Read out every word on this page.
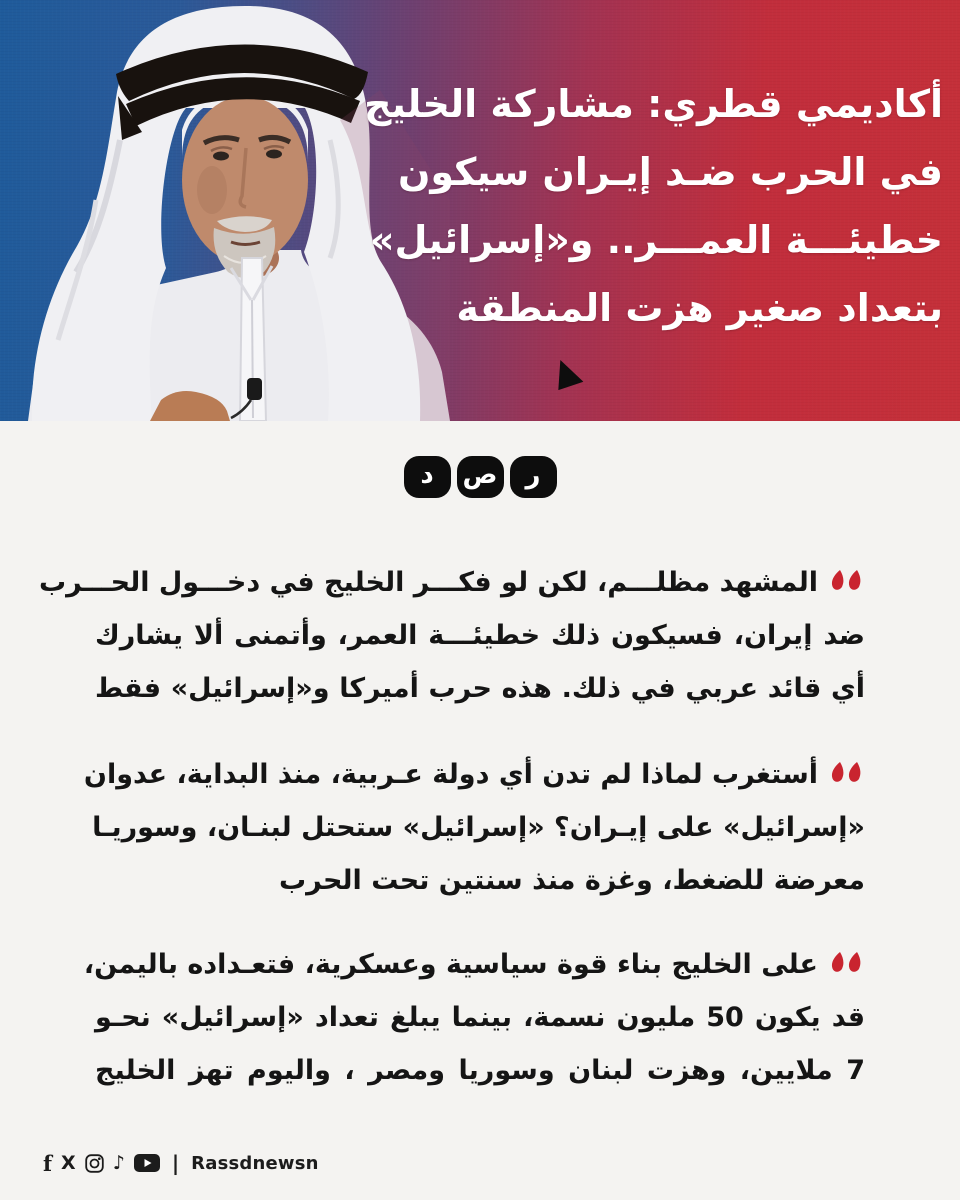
أكاديمي قطري: مشاركة الخليج
في الحرب ضـد إيـران سيكون
خطيئـــة العمـــر.. و«إسرائيل»
بتعداد صغير هزت المنطقة
ر
ص
د
المشهد مظلـــم، لكن لو فكـــر الخليج في دخـــول الحـــرب
ضد إيران، فسيكون ذلك خطيئـــة العمر، وأتمنى ألا يشارك
أي قائد عربي في ذلك. هذه حرب أميركا و«إسرائيل» فقط
أستغرب لماذا لم تدن أي دولة عـربية، منذ البداية، عدوان
«إسرائيل» على إيـران؟ «إسرائيل» ستحتل لبنـان، وسوريـا
معرضة للضغط، وغزة منذ سنتين تحت الحرب
على الخليج بناء قوة سياسية وعسكرية، فتعـداده باليمن،
قد يكون 50 مليون نسمة، بينما يبلغ تعداد «إسرائيل» نحـو
7 ملايين، وهزت لبنان وسوريا ومصر ، واليوم تهز الخليج
f X ♪ | Rassdnewsn
